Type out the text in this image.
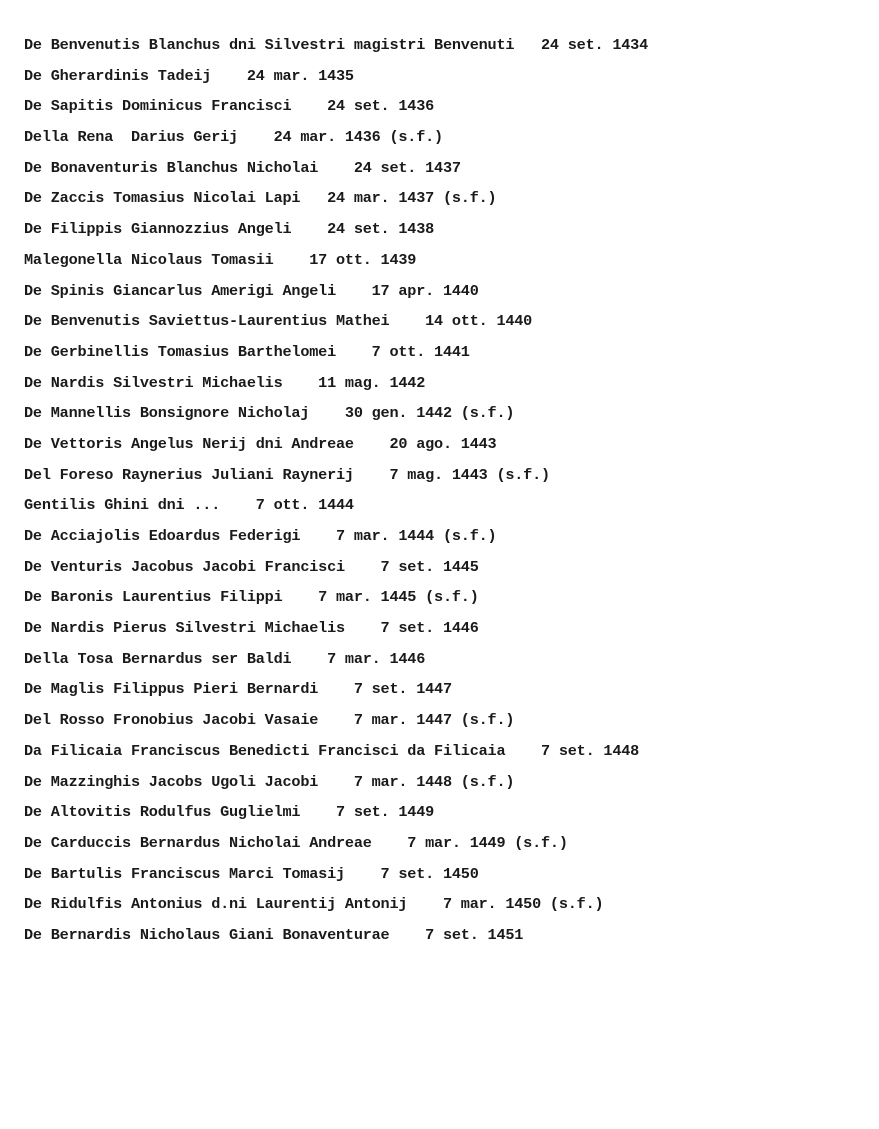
De Benvenutis Blanchus dni Silvestri magistri Benvenuti   24 set. 1434
De Gherardinis Tadeij    24 mar. 1435
De Sapitis Dominicus Francisci    24 set. 1436
Della Rena  Darius Gerij    24 mar. 1436 (s.f.)
De Bonaventuris Blanchus Nicholai    24 set. 1437
De Zaccis Tomasius Nicolai Lapi   24 mar. 1437 (s.f.)
De Filippis Giannozzius Angeli    24 set. 1438
Malegonella Nicolaus Tomasii    17 ott. 1439
De Spinis Giancarlus Amerigi Angeli    17 apr. 1440
De Benvenutis Saviettus-Laurentius Mathei    14 ott. 1440
De Gerbinellis Tomasius Barthelomei    7 ott. 1441
De Nardis Silvestri Michaelis    11 mag. 1442
De Mannellis Bonsignore Nicholaj    30 gen. 1442 (s.f.)
De Vettoris Angelus Nerij dni Andreae    20 ago. 1443
Del Foreso Raynerius Juliani Raynerij    7 mag. 1443 (s.f.)
Gentilis Ghini dni ...    7 ott. 1444
De Acciajolis Edoardus Federigi    7 mar. 1444 (s.f.)
De Venturis Jacobus Jacobi Francisci    7 set. 1445
De Baronis Laurentius Filippi    7 mar. 1445 (s.f.)
De Nardis Pierus Silvestri Michaelis    7 set. 1446
Della Tosa Bernardus ser Baldi    7 mar. 1446
De Maglis Filippus Pieri Bernardi    7 set. 1447
Del Rosso Fronobius Jacobi Vasaie    7 mar. 1447 (s.f.)
Da Filicaia Franciscus Benedicti Francisci da Filicaia    7 set. 1448
De Mazzinghis Jacobs Ugoli Jacobi    7 mar. 1448 (s.f.)
De Altovitis Rodulfus Guglielmi    7 set. 1449
De Carduccis Bernardus Nicholai Andreae    7 mar. 1449 (s.f.)
De Bartulis Franciscus Marci Tomasij    7 set. 1450
De Ridulfis Antonius d.ni Laurentij Antonij    7 mar. 1450 (s.f.)
De Bernardis Nicholaus Giani Bonaventurae    7 set. 1451
